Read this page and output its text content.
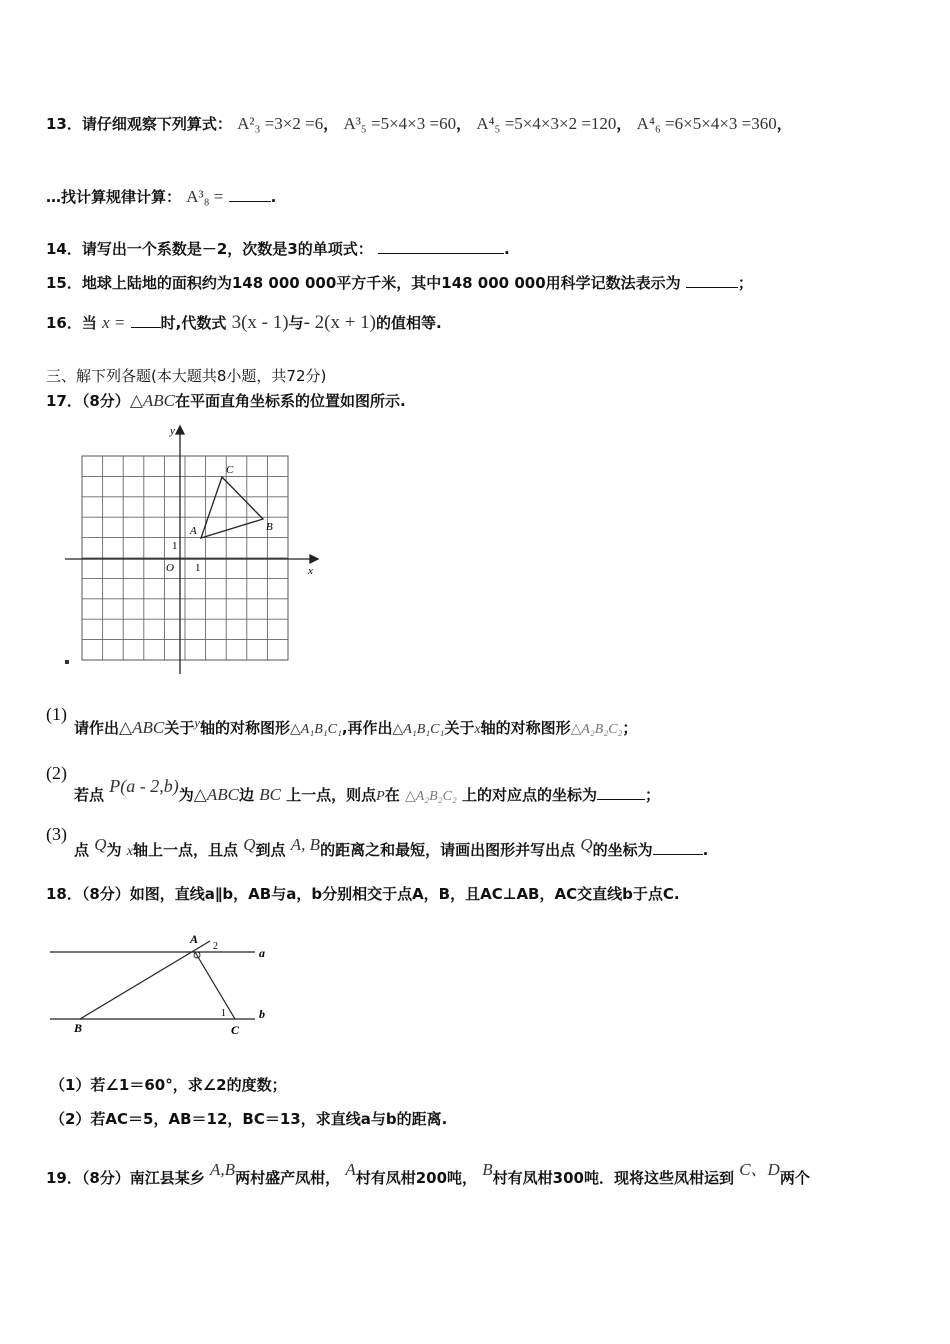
13．请仔细观察下列算式： A²₃ =3×2 =6， A³₅ =5×4×3 =60， A⁴₅ =5×4×3×2 =120， A⁴₆ =6×5×4×3 =360，
…找计算规律计算： A³₈ =	.
14．请写出一个系数是－2，次数是3的单项式：	.
15．地球上陆地的面积约为148 000 000平方千米，其中148 000 000用科学记数法表示为	；
16．当 x = 时,代数式 3(x - 1)与- 2(x + 1)的值相等.
三、解下列各题(本大题共8小题，共72分)
17．（8分）△ABC在平面直角坐标系的位置如图所示.
y
x
O 1
1
A	B
C
(1)
请作出△ABC关于y轴的对称图形△A₁B₁C₁,再作出△A₁B₁C₁关于x轴的对称图形△A₂B₂C₂；
(2)
若点 P(a - 2,b)为△ABC边 BC 上一点，则点P在 △A₂B₂C₂ 上的对应点的坐标为	；
(3)
点 Q为 x轴上一点，且点 Q到点 A, B的距离之和最短，请画出图形并写出点 Q的坐标为	.
18．（8分）如图，直线a∥b，AB与a，b分别相交于点A，B，且AC⊥AB，AC交直线b于点C.
A
2	a
b
1
B	C
（1）若∠1＝60°，求∠2的度数；
（2）若AC＝5，AB＝12，BC＝13，求直线a与b的距离.
19．（8分）南江县某乡 A,B两村盛产凤柑， A村有凤柑200吨， B村有凤柑300吨．现将这些凤柑运到 C、D两个
